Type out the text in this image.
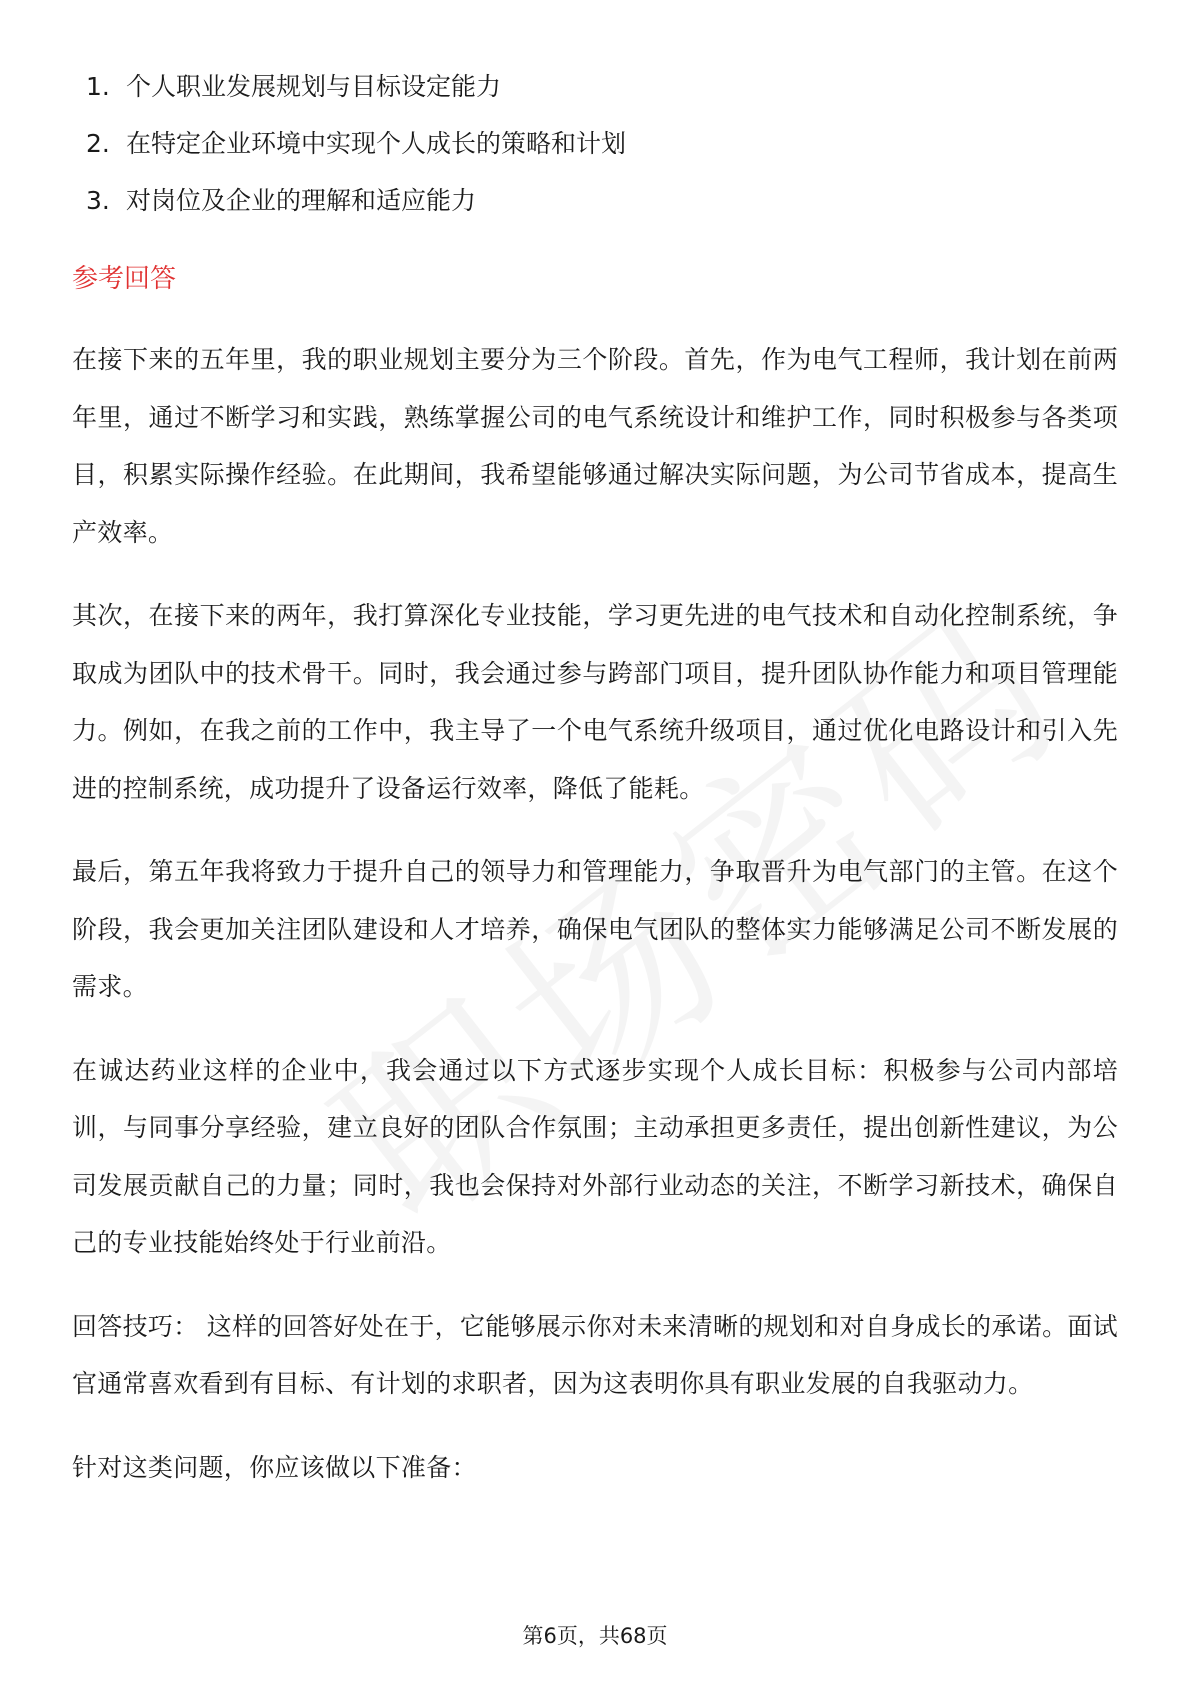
1. 个人职业发展规划与目标设定能力
2. 在特定企业环境中实现个人成长的策略和计划
3. 对岗位及企业的理解和适应能力
参考回答

在接下来的五年里，我的职业规划主要分为三个阶段。首先，作为电气工程师，我计划在前两年里，通过不断学习和实践，熟练掌握公司的电气系统设计和维护工作，同时积极参与各类项目，积累实际操作经验。在此期间，我希望能够通过解决实际问题，为公司节省成本，提高生产效率。

其次，在接下来的两年，我打算深化专业技能，学习更先进的电气技术和自动化控制系统，争取成为团队中的技术骨干。同时，我会通过参与跨部门项目，提升团队协作能力和项目管理能力。例如，在我之前的工作中，我主导了一个电气系统升级项目，通过优化电路设计和引入先进的控制系统，成功提升了设备运行效率，降低了能耗。

最后，第五年我将致力于提升自己的领导力和管理能力，争取晋升为电气部门的主管。在这个阶段，我会更加关注团队建设和人才培养，确保电气团队的整体实力能够满足公司不断发展的需求。

在诚达药业这样的企业中，我会通过以下方式逐步实现个人成长目标：积极参与公司内部培训，与同事分享经验，建立良好的团队合作氛围；主动承担更多责任，提出创新性建议，为公司发展贡献自己的力量；同时，我也会保持对外部行业动态的关注，不断学习新技术，确保自己的专业技能始终处于行业前沿。

回答技巧： 这样的回答好处在于，它能够展示你对未来清晰的规划和对自身成长的承诺。面试官通常喜欢看到有目标、有计划的求职者，因为这表明你具有职业发展的自我驱动力。

针对这类问题，你应该做以下准备：

第6页，共68页
